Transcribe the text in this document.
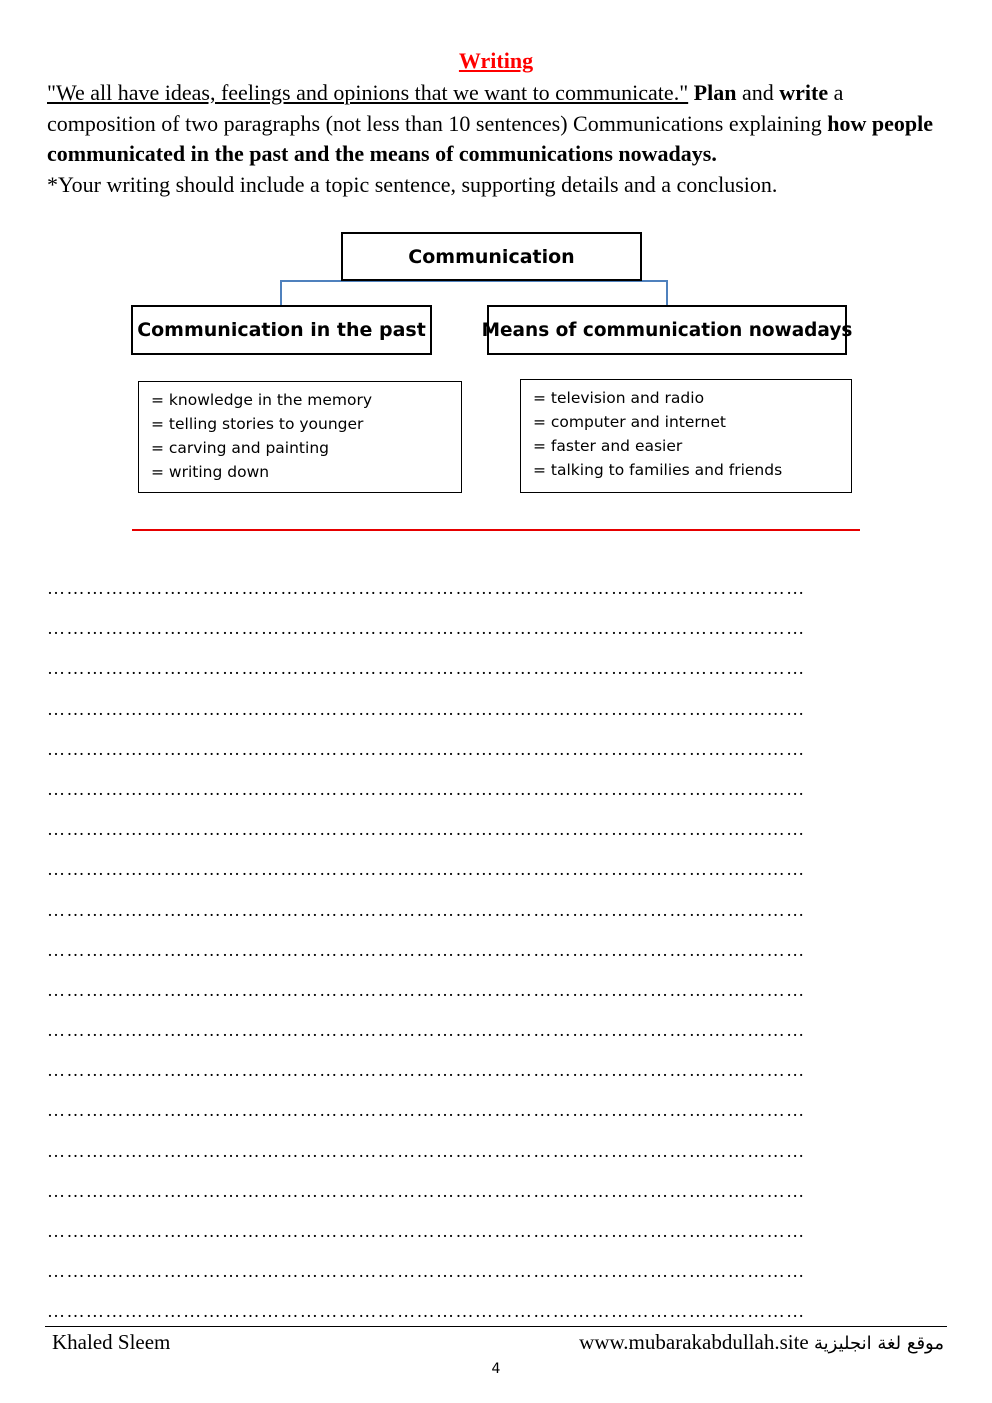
Writing

"We all have ideas, feelings and opinions that we want to communicate." Plan and write a composition of two paragraphs (not less than 10 sentences) Communications explaining how people communicated in the past and the means of communications nowadays.

*Your writing should include a topic sentence, supporting details and a conclusion.

Communication
Communication in the past	Means of communication nowadays
= knowledge in the memory
= telling stories to younger
= carving and painting
= writing down
= television and radio
= computer and internet
= faster and easier
= talking to families and friends
………………………………………………………………………………………………………
………………………………………………………………………………………………………
………………………………………………………………………………………………………
………………………………………………………………………………………………………
………………………………………………………………………………………………………
………………………………………………………………………………………………………
………………………………………………………………………………………………………
………………………………………………………………………………………………………
………………………………………………………………………………………………………
………………………………………………………………………………………………………
………………………………………………………………………………………………………
………………………………………………………………………………………………………
………………………………………………………………………………………………………
………………………………………………………………………………………………………
………………………………………………………………………………………………………
………………………………………………………………………………………………………
………………………………………………………………………………………………………
………………………………………………………………………………………………………
………………………………………………………………………………………………………
Khaled Sleem	www.mubarakabdullah.site موقع لغة انجليزية
4
